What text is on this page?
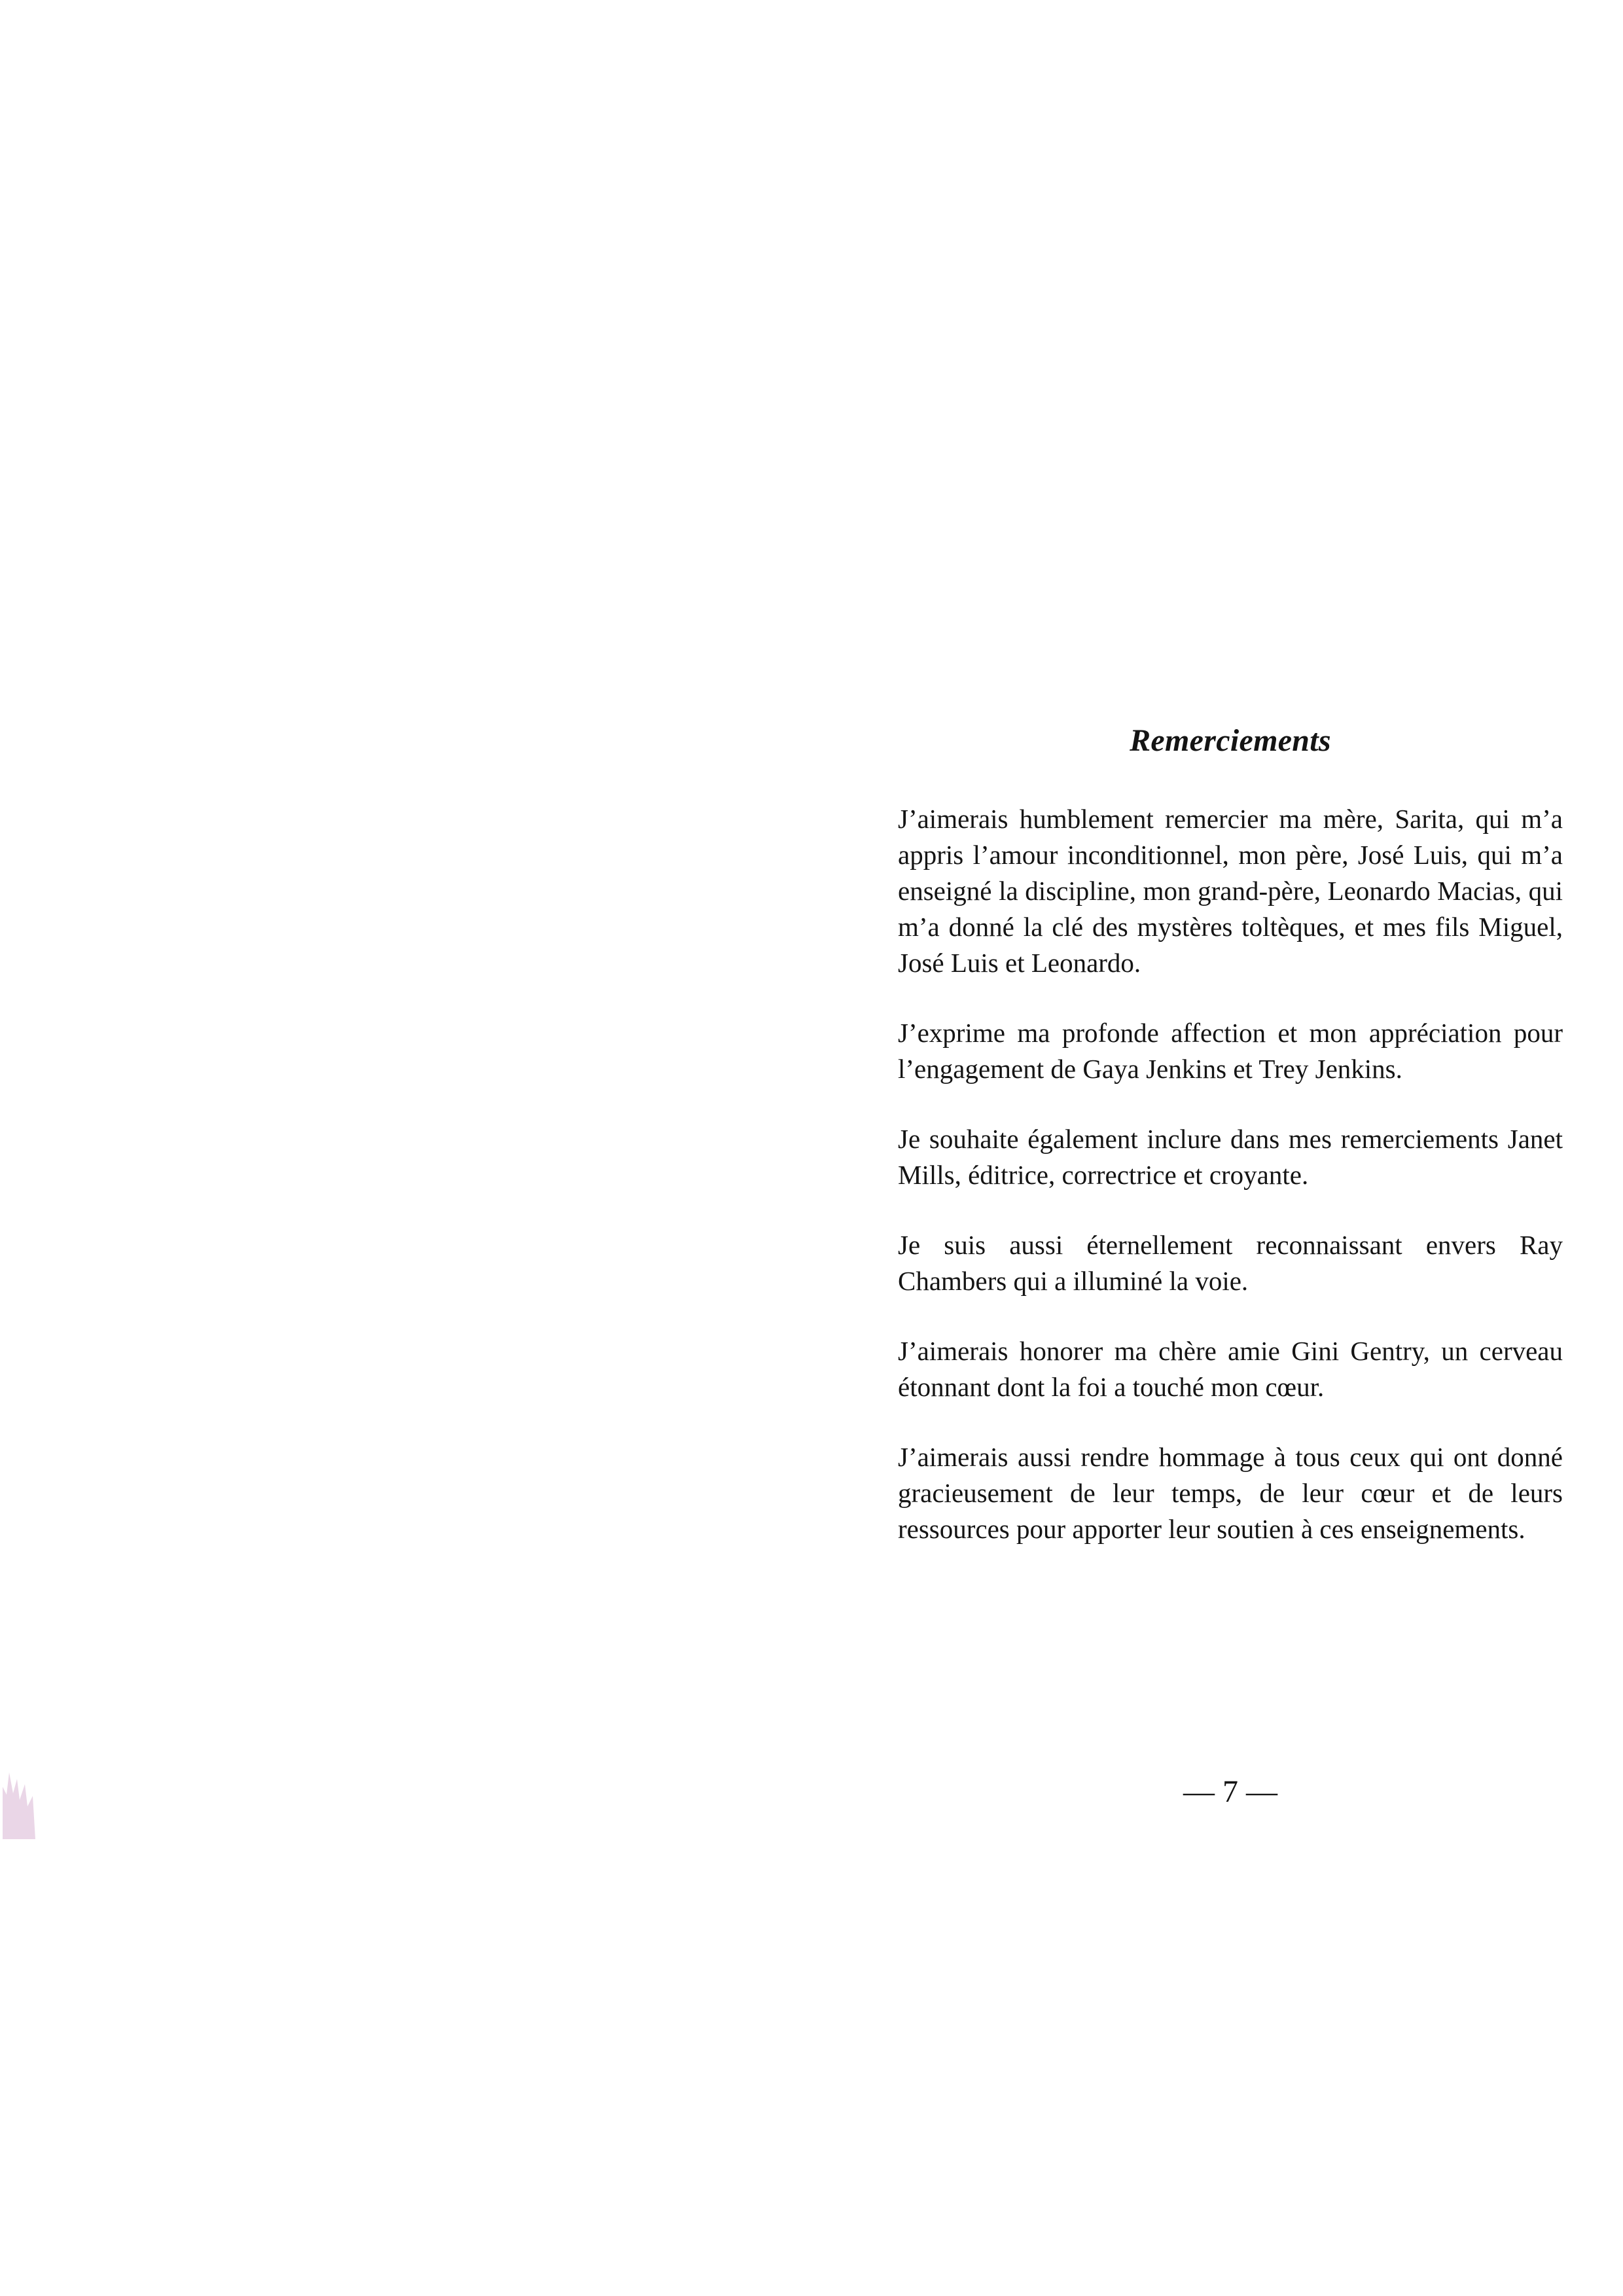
Remerciements

J’aimerais humblement remercier ma mère, Sarita, qui m’a appris l’amour inconditionnel, mon père, José Luis, qui m’a enseigné la discipline, mon grand-père, Leonardo Macias, qui m’a donné la clé des mystères toltèques, et mes fils Miguel, José Luis et Leonardo.

J’exprime ma profonde affection et mon appréciation pour l’engagement de Gaya Jenkins et Trey Jenkins.

Je souhaite également inclure dans mes remerciements Janet Mills, éditrice, correctrice et croyante.

Je suis aussi éternellement reconnaissant envers Ray Chambers qui a illuminé la voie.

J’aimerais honorer ma chère amie Gini Gentry, un cerveau étonnant dont la foi a touché mon cœur.

J’aimerais aussi rendre hommage à tous ceux qui ont donné gracieusement de leur temps, de leur cœur et de leurs ressources pour apporter leur soutien à ces enseignements.

— 7 —
